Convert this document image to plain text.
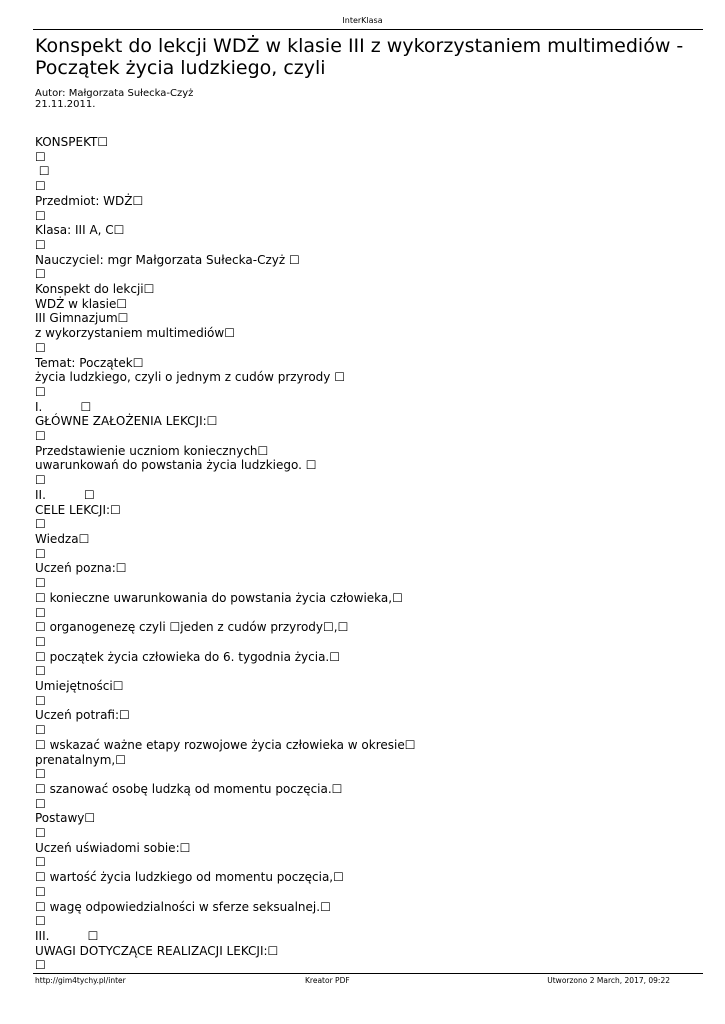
InterKlasa
Konspekt do lekcji WDŻ w klasie III z wykorzystaniem multimediów - Początek życia ludzkiego, czyli
Autor: Małgorzata Sułecka-Czyż
21.11.2011.
KONSPEKT☐
☐
☐
☐
Przedmiot: WDŻ☐
☐
Klasa: III A, C☐
☐
Nauczyciel: mgr Małgorzata Sułecka-Czyż ☐
☐
Konspekt do lekcji☐
WDŻ w klasie☐
III Gimnazjum☐
z wykorzystaniem multimediów☐
☐
Temat: Początek☐
życia ludzkiego, czyli o jednym z cudów przyrody ☐
☐
I.          ☐
GŁÓWNE ZAŁOŻENIA LEKCJI:☐
☐
Przedstawienie uczniom koniecznych☐
uwarunkowań do powstania życia ludzkiego. ☐
☐
II.          ☐
CELE LEKCJI:☐
☐
Wiedza☐
☐
Uczeń pozna:☐
☐
☐ konieczne uwarunkowania do powstania życia człowieka,☐
☐
☐ organogenezę czyli ☐jeden z cudów przyrody☐,☐
☐
☐ początek życia człowieka do 6. tygodnia życia.☐
☐
Umiejętności☐
☐
Uczeń potrafi:☐
☐
☐ wskazać ważne etapy rozwojowe życia człowieka w okresie☐
prenatalnym,☐
☐
☐ szanować osobę ludzką od momentu poczęcia.☐
☐
Postawy☐
☐
Uczeń uświadomi sobie:☐
☐
☐ wartość życia ludzkiego od momentu poczęcia,☐
☐
☐ wagę odpowiedzialności w sferze seksualnej.☐
☐
III.          ☐
UWAGI DOTYCZĄCE REALIZACJI LEKCJI:☐
☐
http://gim4tychy.pl/inter	Kreator PDF	Utworzono 2 March, 2017, 09:22
